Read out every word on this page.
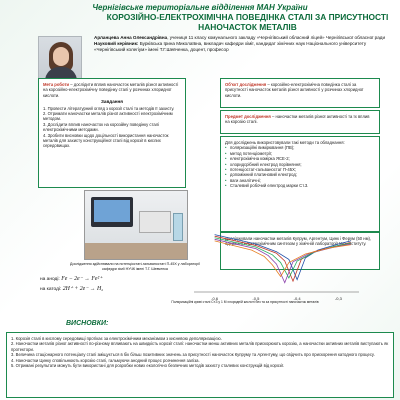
Чернігівське територіальне відділення МАН України
КОРОЗІЙНО-ЕЛЕКТРОХІМІЧНА ПОВЕДІНКА СТАЛІ ЗА ПРИСУТНОСТІ НАНОЧАСТОК МЕТАЛІВ
Арланцева Анна Олександрівна, учениця 11 класу комунального закладу «Чернігівський обласний ліцей» Чернігівської обласної ради
Науковий керівник: Бурківська Ірина Миколаївна, викладач кафедри хімії, кандидат хімічних наук Національного університету «Чернігівський колегіум» імені Т.Г.Шевченка, доцент, професор
Мета роботи – дослідити вплив наночасток металів різної активності на корозійно-електрохімічну поведінку сталі у розчинах хлоридної кислоти.
Завдання
1. Провести літературний огляд з корозії сталі та методів її захисту.
2. Отримати наночастки металів різної активності електрохімічним методом.
3. Дослідити вплив наночасток на корозійну поведінку сталі електрохімічними методами.
4. Зробити висновки щодо доцільності використання наночасток металів для захисту конструкційної сталі від корозії в кислих середовищах.
Об'єкт дослідження – корозійно-електрохімічна поведінка сталі за присутності наночасток металів різної активності у розчинах хлоридної кислоти.
Предмет дослідження – наночастки металів різної активності та їх вплив на корозію сталі.
Для досліджень використовували такі методи та обладнання:
• поляризаційні вимірювання (ПВ);
• метод потенціометрії;
• електрохімічна комірка ЯСЕ-2;
• хлоридсрібний електрод порівняння;
• потенціостат-гальваностат П-45X;
• допоміжний платиновий електрод;
• ваги аналітичні;
• Сталевий робочий електрод марки Ст.3.
Досліджували наночастки металів Купрум, Аргентум, Цинк і Ферум (50 нм), одержані електрохімічним синтезом у хімічній лабораторії Укр. інституту.
Дослідження здійснювали на потенціостаті-гальваностаті П-45X у лабораторії кафедри хімії НУЧК імені Т.Г. Шевченка
на аноді: Fe − 2e⁻ → Fe²⁺
на катоді: 2H⁺ + 2e⁻ → H₂
-0,6	-0,5	-0,4	-0,3
Поляризаційні криві сталі Ст.3 у 1 М хлоридній кислоті без та за присутності наночасток металів
ВИСНОВКИ:
1. Корозія сталі в кислому середовищі протікає за електрохімічним механізмом з кисневою деполяризацією.
2. Наночастки металів різної активності по-різному впливають на швидкість корозії сталі: наночастки менш активних металів прискорюють корозію, а наночастки активних металів виступають як протектори.
3. Величина стаціонарного потенціалу сталі зміщується в бік більш позитивних значень за присутності наночасток Купруму та Аргентуму, що свідчить про прискорення катодного процесу.
4. Наночастки Цинку сповільнюють корозію сталі, гальмуючи анодний процес розчинення заліза.
5. Отримані результати можуть бути використані для розробки нових екологічно безпечних методів захисту сталевих конструкцій від корозії.
